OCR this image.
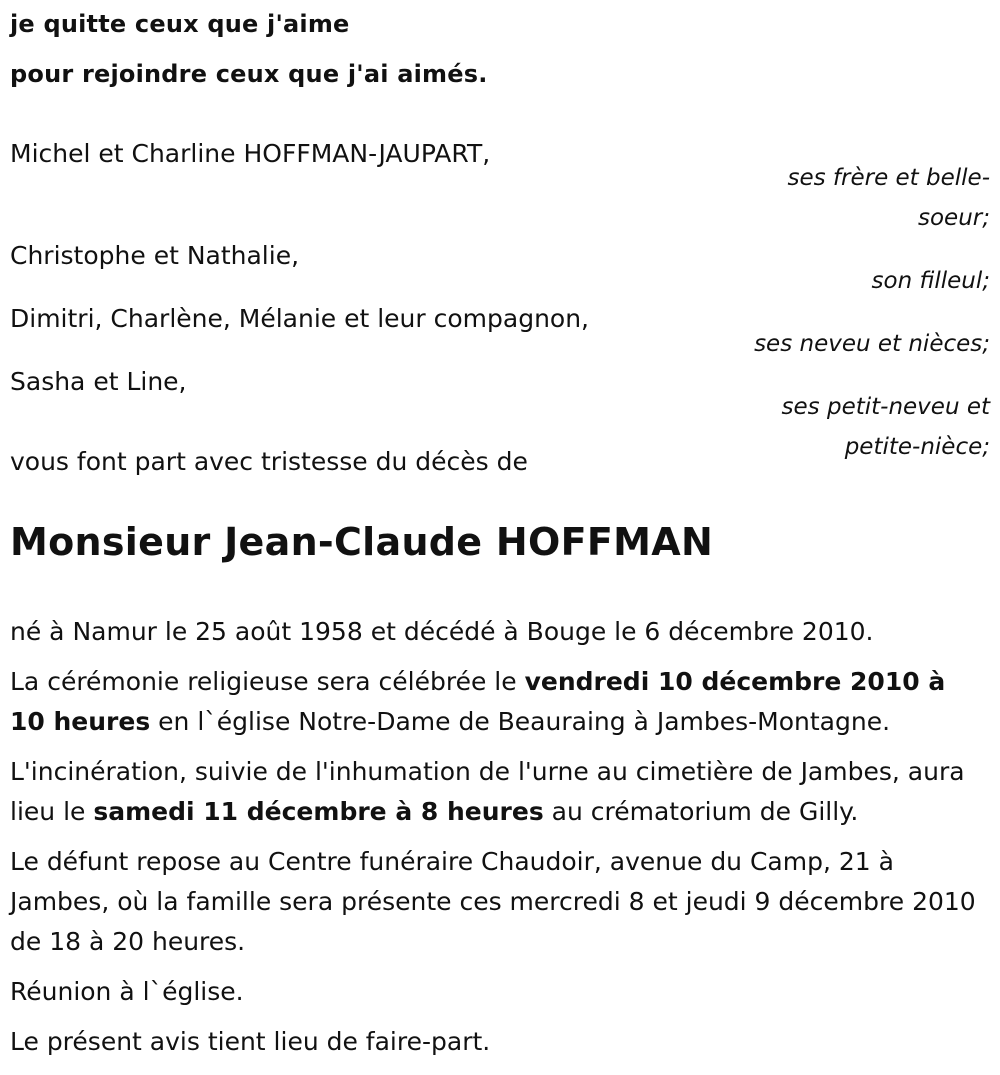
je quitte ceux que j'aime
pour rejoindre ceux que j'ai aimés.
Michel et Charline HOFFMAN-JAUPART,
ses frère et belle-
soeur;
Christophe et Nathalie,
son filleul;
Dimitri, Charlène, Mélanie et leur compagnon,
ses neveu et nièces;
Sasha et Line,
ses petit-neveu et
petite-nièce;
vous font part avec tristesse du décès de
Monsieur Jean-Claude HOFFMAN

né à Namur le 25 août 1958 et décédé à Bouge le 6 décembre 2010.

La cérémonie religieuse sera célébrée le vendredi 10 décembre 2010 à 10 heures en l`église Notre-Dame de Beauraing à Jambes-Montagne.

L'incinération, suivie de l'inhumation de l'urne au cimetière de Jambes, aura lieu le samedi 11 décembre à 8 heures au crématorium de Gilly.

Le défunt repose au Centre funéraire Chaudoir, avenue du Camp, 21 à Jambes, où la famille sera présente ces mercredi 8 et jeudi 9 décembre 2010 de 18 à 20 heures.

Réunion à l`église.

Le présent avis tient lieu de faire-part.
